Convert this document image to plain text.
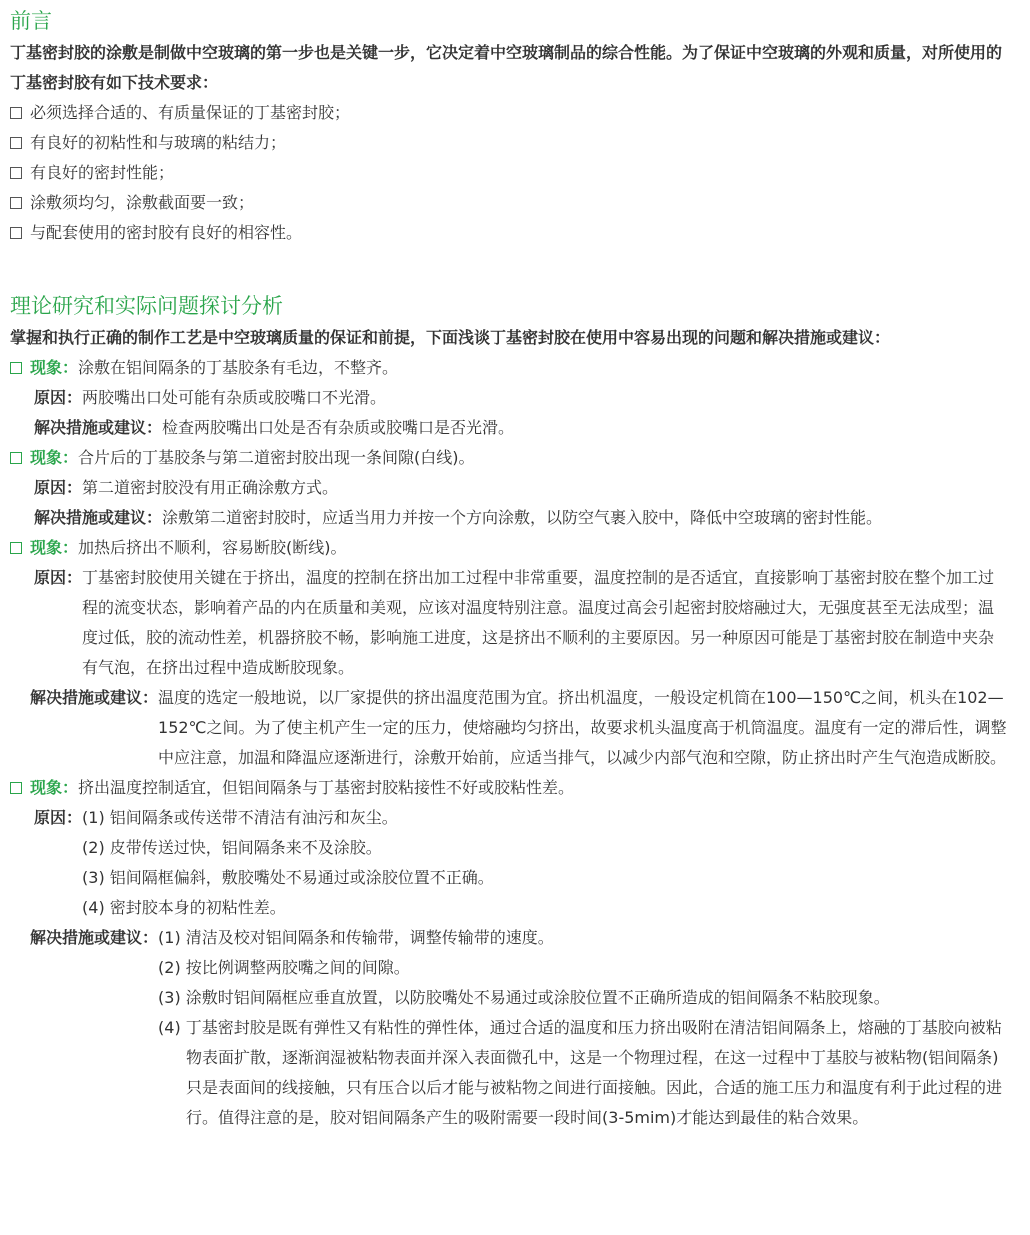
前言

丁基密封胶的涂敷是制做中空玻璃的第一步也是关键一步，它决定着中空玻璃制品的综合性能。为了保证中空玻璃的外观和质量，对所使用的丁基密封胶有如下技术要求：

必须选择合适的、有质量保证的丁基密封胶；
有良好的初粘性和与玻璃的粘结力；
有良好的密封性能；
涂敷须均匀，涂敷截面要一致；
与配套使用的密封胶有良好的相容性。
理论研究和实际问题探讨分析

掌握和执行正确的制作工艺是中空玻璃质量的保证和前提，下面浅谈丁基密封胶在使用中容易出现的问题和解决措施或建议：

现象：涂敷在铝间隔条的丁基胶条有毛边，不整齐。
原因：两胶嘴出口处可能有杂质或胶嘴口不光滑。
解决措施或建议：检查两胶嘴出口处是否有杂质或胶嘴口是否光滑。
现象：合片后的丁基胶条与第二道密封胶出现一条间隙(白线)。
原因：第二道密封胶没有用正确涂敷方式。
解决措施或建议：涂敷第二道密封胶时，应适当用力并按一个方向涂敷，以防空气裹入胶中，降低中空玻璃的密封性能。
现象：加热后挤出不顺利，容易断胶(断线)。
原因： 丁基密封胶使用关键在于挤出，温度的控制在挤出加工过程中非常重要，温度控制的是否适宜，直接影响丁基密封胶在整个加工过程的流变状态，影响着产品的内在质量和美观，应该对温度特别注意。温度过高会引起密封胶熔融过大，无强度甚至无法成型；温度过低，胶的流动性差，机器挤胶不畅，影响施工进度，这是挤出不顺利的主要原因。另一种原因可能是丁基密封胶在制造中夹杂有气泡，在挤出过程中造成断胶现象。
解决措施或建议： 温度的选定一般地说，以厂家提供的挤出温度范围为宜。挤出机温度，一般设定机筒在100—150℃之间，机头在102—152℃之间。为了使主机产生一定的压力，使熔融均匀挤出，故要求机头温度高于机筒温度。温度有一定的滞后性，调整中应注意，加温和降温应逐渐进行，涂敷开始前，应适当排气，以减少内部气泡和空隙，防止挤出时产生气泡造成断胶。
现象：挤出温度控制适宜，但铝间隔条与丁基密封胶粘接性不好或胶粘性差。
原因： (1) 铝间隔条或传送带不清洁有油污和灰尘。
(2) 皮带传送过快，铝间隔条来不及涂胶。
(3) 铝间隔框偏斜，敷胶嘴处不易通过或涂胶位置不正确。
(4) 密封胶本身的初粘性差。
解决措施或建议： (1) 清洁及校对铝间隔条和传输带，调整传输带的速度。
(2) 按比例调整两胶嘴之间的间隙。
(3) 涂敷时铝间隔框应垂直放置，以防胶嘴处不易通过或涂胶位置不正确所造成的铝间隔条不粘胶现象。
(4) 丁基密封胶是既有弹性又有粘性的弹性体，通过合适的温度和压力挤出吸附在清洁铝间隔条上，熔融的丁基胶向被粘物表面扩散，逐渐润湿被粘物表面并深入表面微孔中，这是一个物理过程，在这一过程中丁基胶与被粘物(铝间隔条)只是表面间的线接触，只有压合以后才能与被粘物之间进行面接触。因此，合适的施工压力和温度有利于此过程的进行。值得注意的是，胶对铝间隔条产生的吸附需要一段时间(3-5mim)才能达到最佳的粘合效果。
